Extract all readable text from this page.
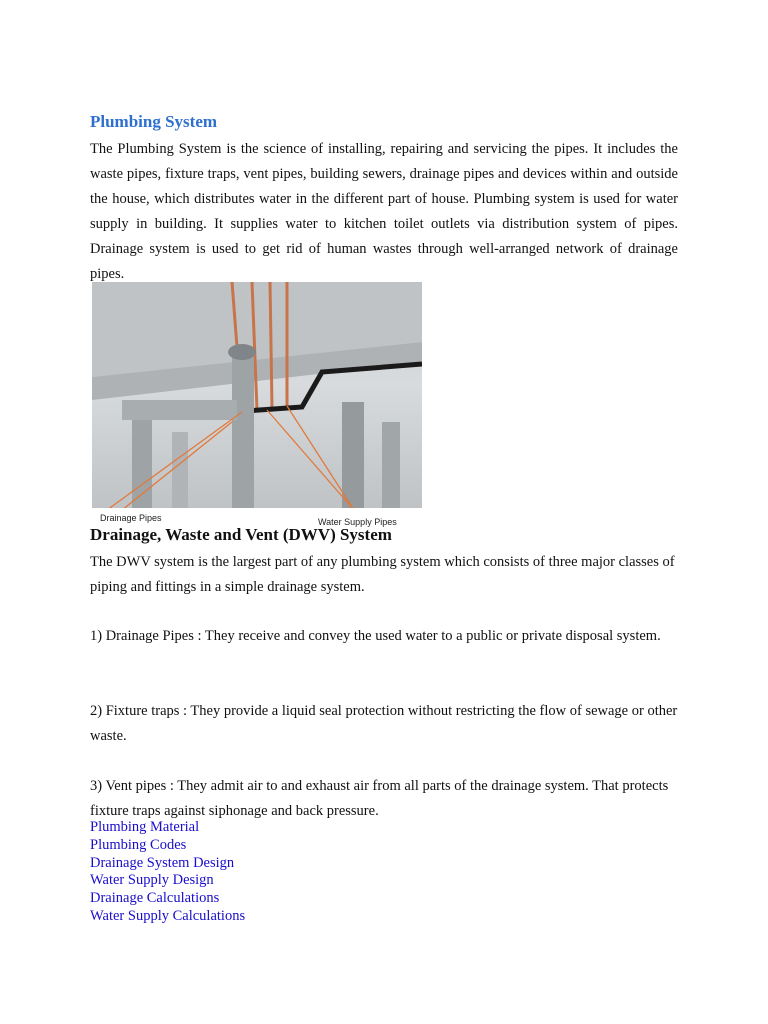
Plumbing System

The Plumbing System is the science of installing, repairing and servicing the pipes. It includes the waste pipes, fixture traps, vent pipes, building sewers, drainage pipes and devices within and outside the house, which distributes water in the different part of house. Plumbing system is used for water supply in building. It supplies water to kitchen toilet outlets via distribution system of pipes. Drainage system is used to get rid of human wastes through well-arranged network of drainage pipes.

Drainage Pipes	Water Supply Pipes
Drainage, Waste and Vent (DWV) System

The DWV system is the largest part of any plumbing system which consists of three major classes of piping and fittings in a simple drainage system.

1) Drainage Pipes : They receive and convey the used water to a public or private disposal system.

2) Fixture traps : They provide a liquid seal protection without restricting the flow of sewage or other waste.

3) Vent pipes : They admit air to and exhaust air from all parts of the drainage system. That protects fixture traps against siphonage and back pressure.

Plumbing Material
Plumbing Codes
Drainage System Design
Water Supply Design
Drainage Calculations
Water Supply Calculations
